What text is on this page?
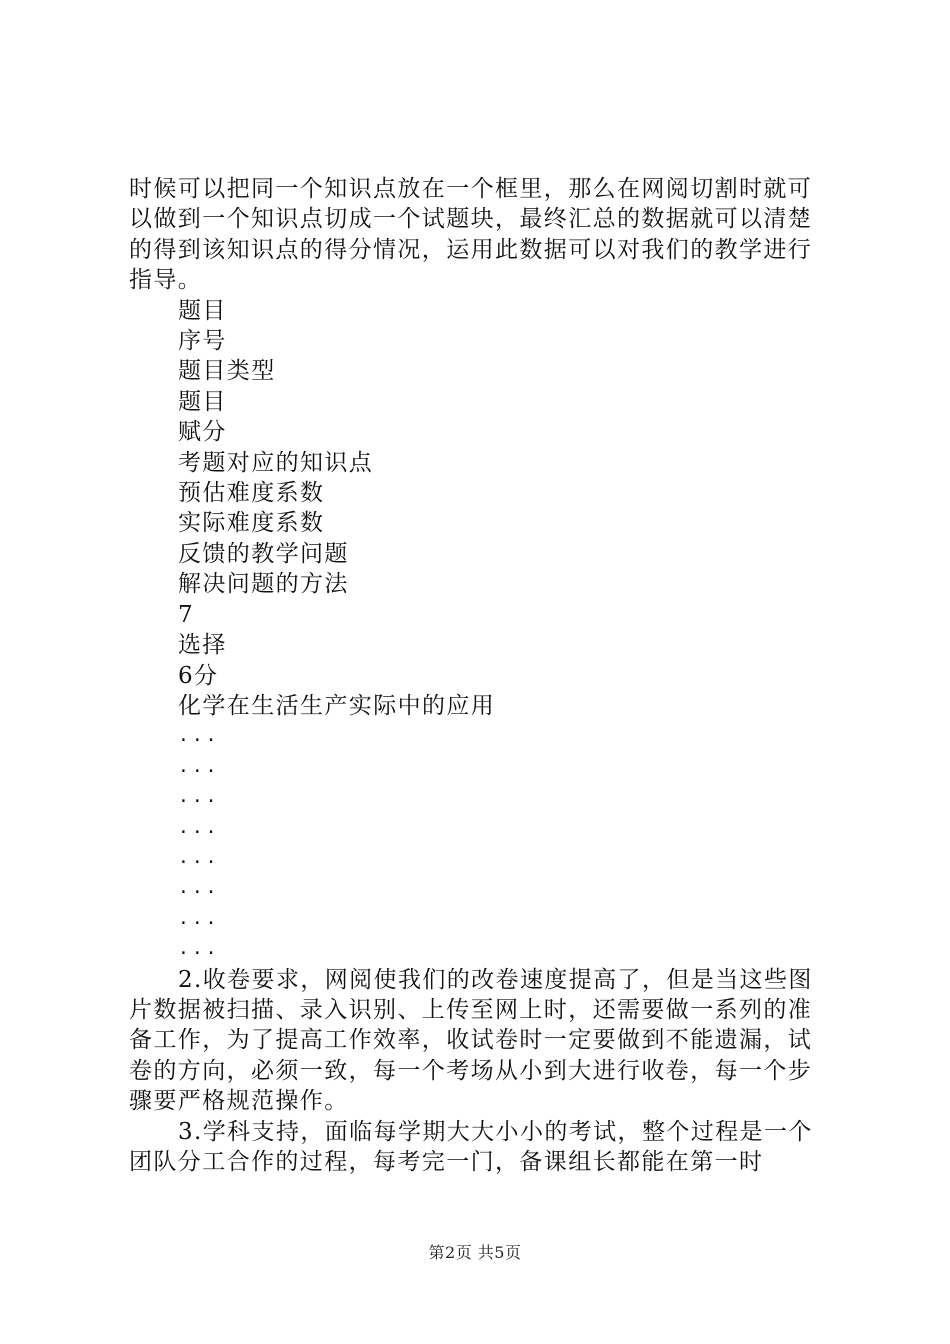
时候可以把同一个知识点放在一个框里，那么在网阅切割时就可以做到一个知识点切成一个试题块，最终汇总的数据就可以清楚的得到该知识点的得分情况，运用此数据可以对我们的教学进行指导。

题目
序号
题目类型
题目
赋分
考题对应的知识点
预估难度系数
实际难度系数
反馈的教学问题
解决问题的方法
7
选择
6分
化学在生活生产实际中的应用
...
...
...
...
...
...
...
...

2.收卷要求，网阅使我们的改卷速度提高了，但是当这些图片数据被扫描、录入识别、上传至网上时，还需要做一系列的准备工作，为了提高工作效率，收试卷时一定要做到不能遗漏，试卷的方向，必须一致，每一个考场从小到大进行收卷，每一个步骤要严格规范操作。

3.学科支持，面临每学期大大小小的考试，整个过程是一个团队分工合作的过程，每考完一门，备课组长都能在第一时

第2页 共5页
